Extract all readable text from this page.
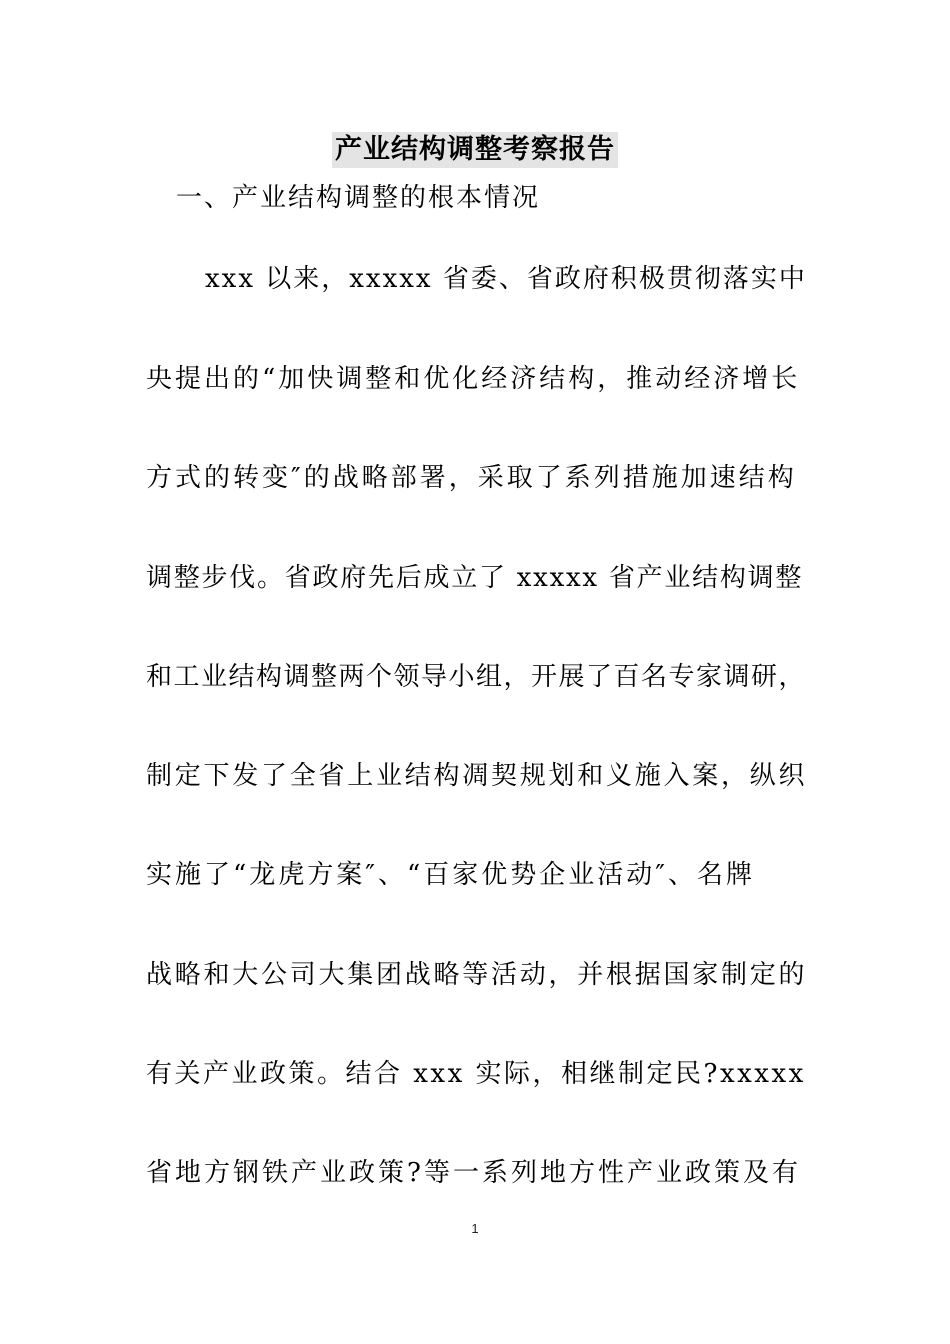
产业结构调整考察报告
一、产业结构调整的根本情况
xxx 以来，xxxxx 省委、省政府积极贯彻落实中
央提出的“加快调整和优化经济结构，推动经济增长
方式的转变″的战略部署，采取了系列措施加速结构
调整步伐。省政府先后成立了 xxxxx 省产业结构调整
和工业结构调整两个领导小组，开展了百名专家调研，
制定下发了全省上业结构凋契规划和义施入案，纵织
实施了“龙虎方案″、“百家优势企业活动″、名牌
战略和大公司大集团战略等活动，并根据国家制定的
有关产业政策。结合 xxx 实际，相继制定民?xxxxx
省地方钢铁产业政策?等一系列地方性产业政策及有
1
